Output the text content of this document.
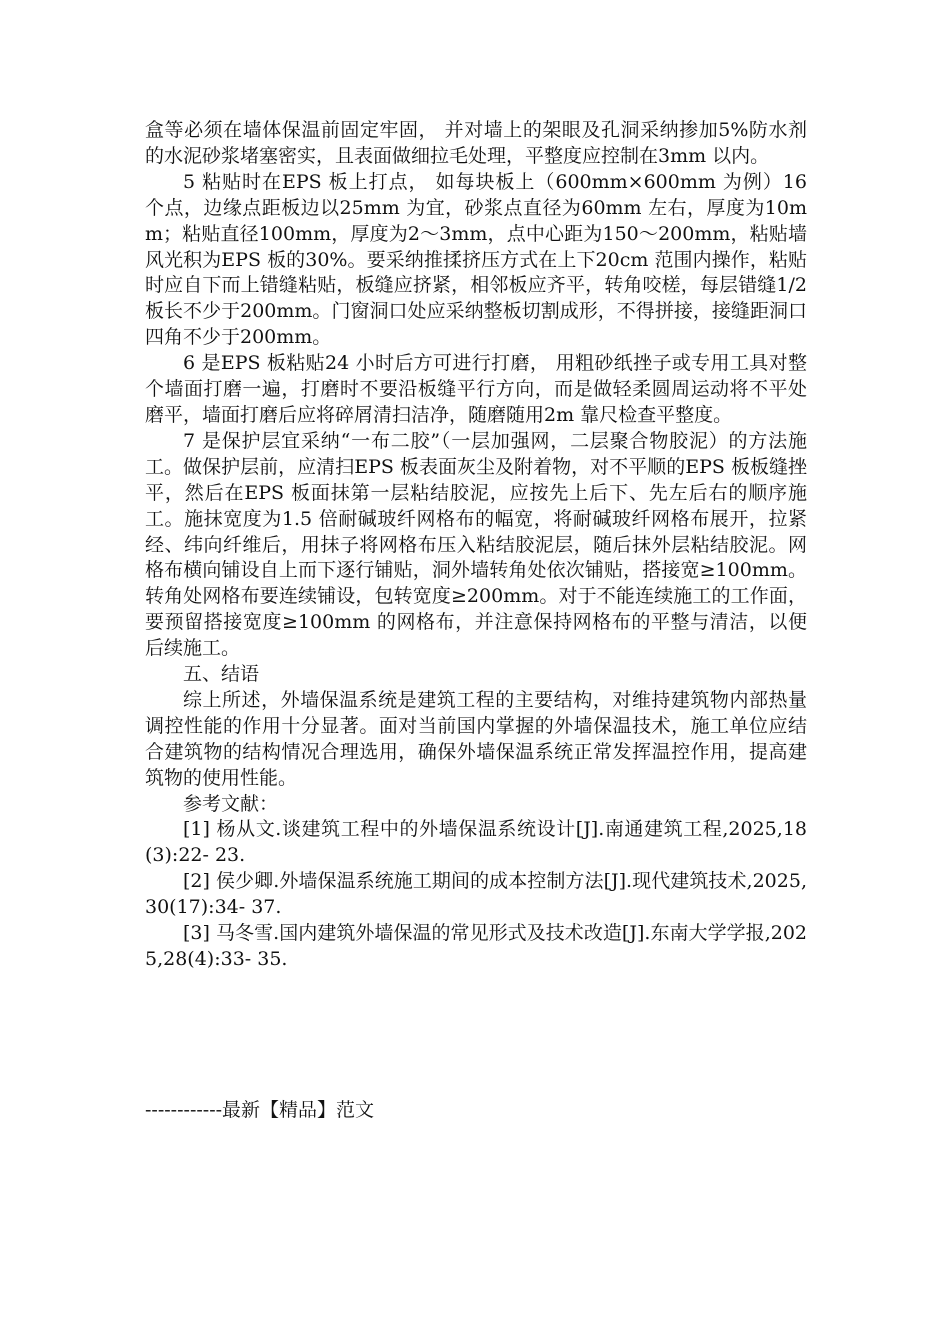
盒等必须在墙体保温前固定牢固， 并对墙上的架眼及孔洞采纳掺加5%防水剂的水泥砂浆堵塞密实，且表面做细拉毛处理，平整度应控制在3mm 以内。

5 粘贴时在EPS 板上打点， 如每块板上（600mm×600mm 为例）16 个点，边缘点距板边以25mm 为宜，砂浆点直径为60mm 左右，厚度为10mm；粘贴直径100mm，厚度为2～3mm，点中心距为150～200mm，粘贴墙风光积为EPS 板的30%。要采纳推揉挤压方式在上下20cm 范围内操作，粘贴时应自下而上错缝粘贴，板缝应挤紧，相邻板应齐平，转角咬槎，每层错缝1/2 板长不少于200mm。门窗洞口处应采纳整板切割成形，不得拼接，接缝距洞口四角不少于200mm。

6 是EPS 板粘贴24 小时后方可进行打磨， 用粗砂纸挫子或专用工具对整个墙面打磨一遍，打磨时不要沿板缝平行方向，而是做轻柔圆周运动将不平处磨平，墙面打磨后应将碎屑清扫洁净，随磨随用2m 靠尺检查平整度。

7 是保护层宜采纳“一布二胶”（一层加强网，二层聚合物胶泥）的方法施工。做保护层前，应清扫EPS 板表面灰尘及附着物，对不平顺的EPS 板板缝挫平，然后在EPS 板面抹第一层粘结胶泥，应按先上后下、先左后右的顺序施工。施抹宽度为1.5 倍耐碱玻纤网格布的幅宽，将耐碱玻纤网格布展开，拉紧经、纬向纤维后，用抹子将网格布压入粘结胶泥层，随后抹外层粘结胶泥。网格布横向铺设自上而下逐行铺贴，洞外墙转角处依次铺贴，搭接宽≥100mm。转角处网格布要连续铺设，包转宽度≥200mm。对于不能连续施工的工作面，要预留搭接宽度≥100mm 的网格布，并注意保持网格布的平整与清洁，以便后续施工。

五、结语

综上所述，外墙保温系统是建筑工程的主要结构，对维持建筑物内部热量调控性能的作用十分显著。面对当前国内掌握的外墙保温技术，施工单位应结合建筑物的结构情况合理选用，确保外墙保温系统正常发挥温控作用，提高建筑物的使用性能。

参考文献：

[1] 杨从文.谈建筑工程中的外墙保温系统设计[J].南通建筑工程,2025,18(3):22- 23.

[2] 侯少卿.外墙保温系统施工期间的成本控制方法[J].现代建筑技术,2025,30(17):34- 37.

[3] 马冬雪.国内建筑外墙保温的常见形式及技术改造[J].东南大学学报,2025,28(4):33- 35.

------------最新【精品】范文
